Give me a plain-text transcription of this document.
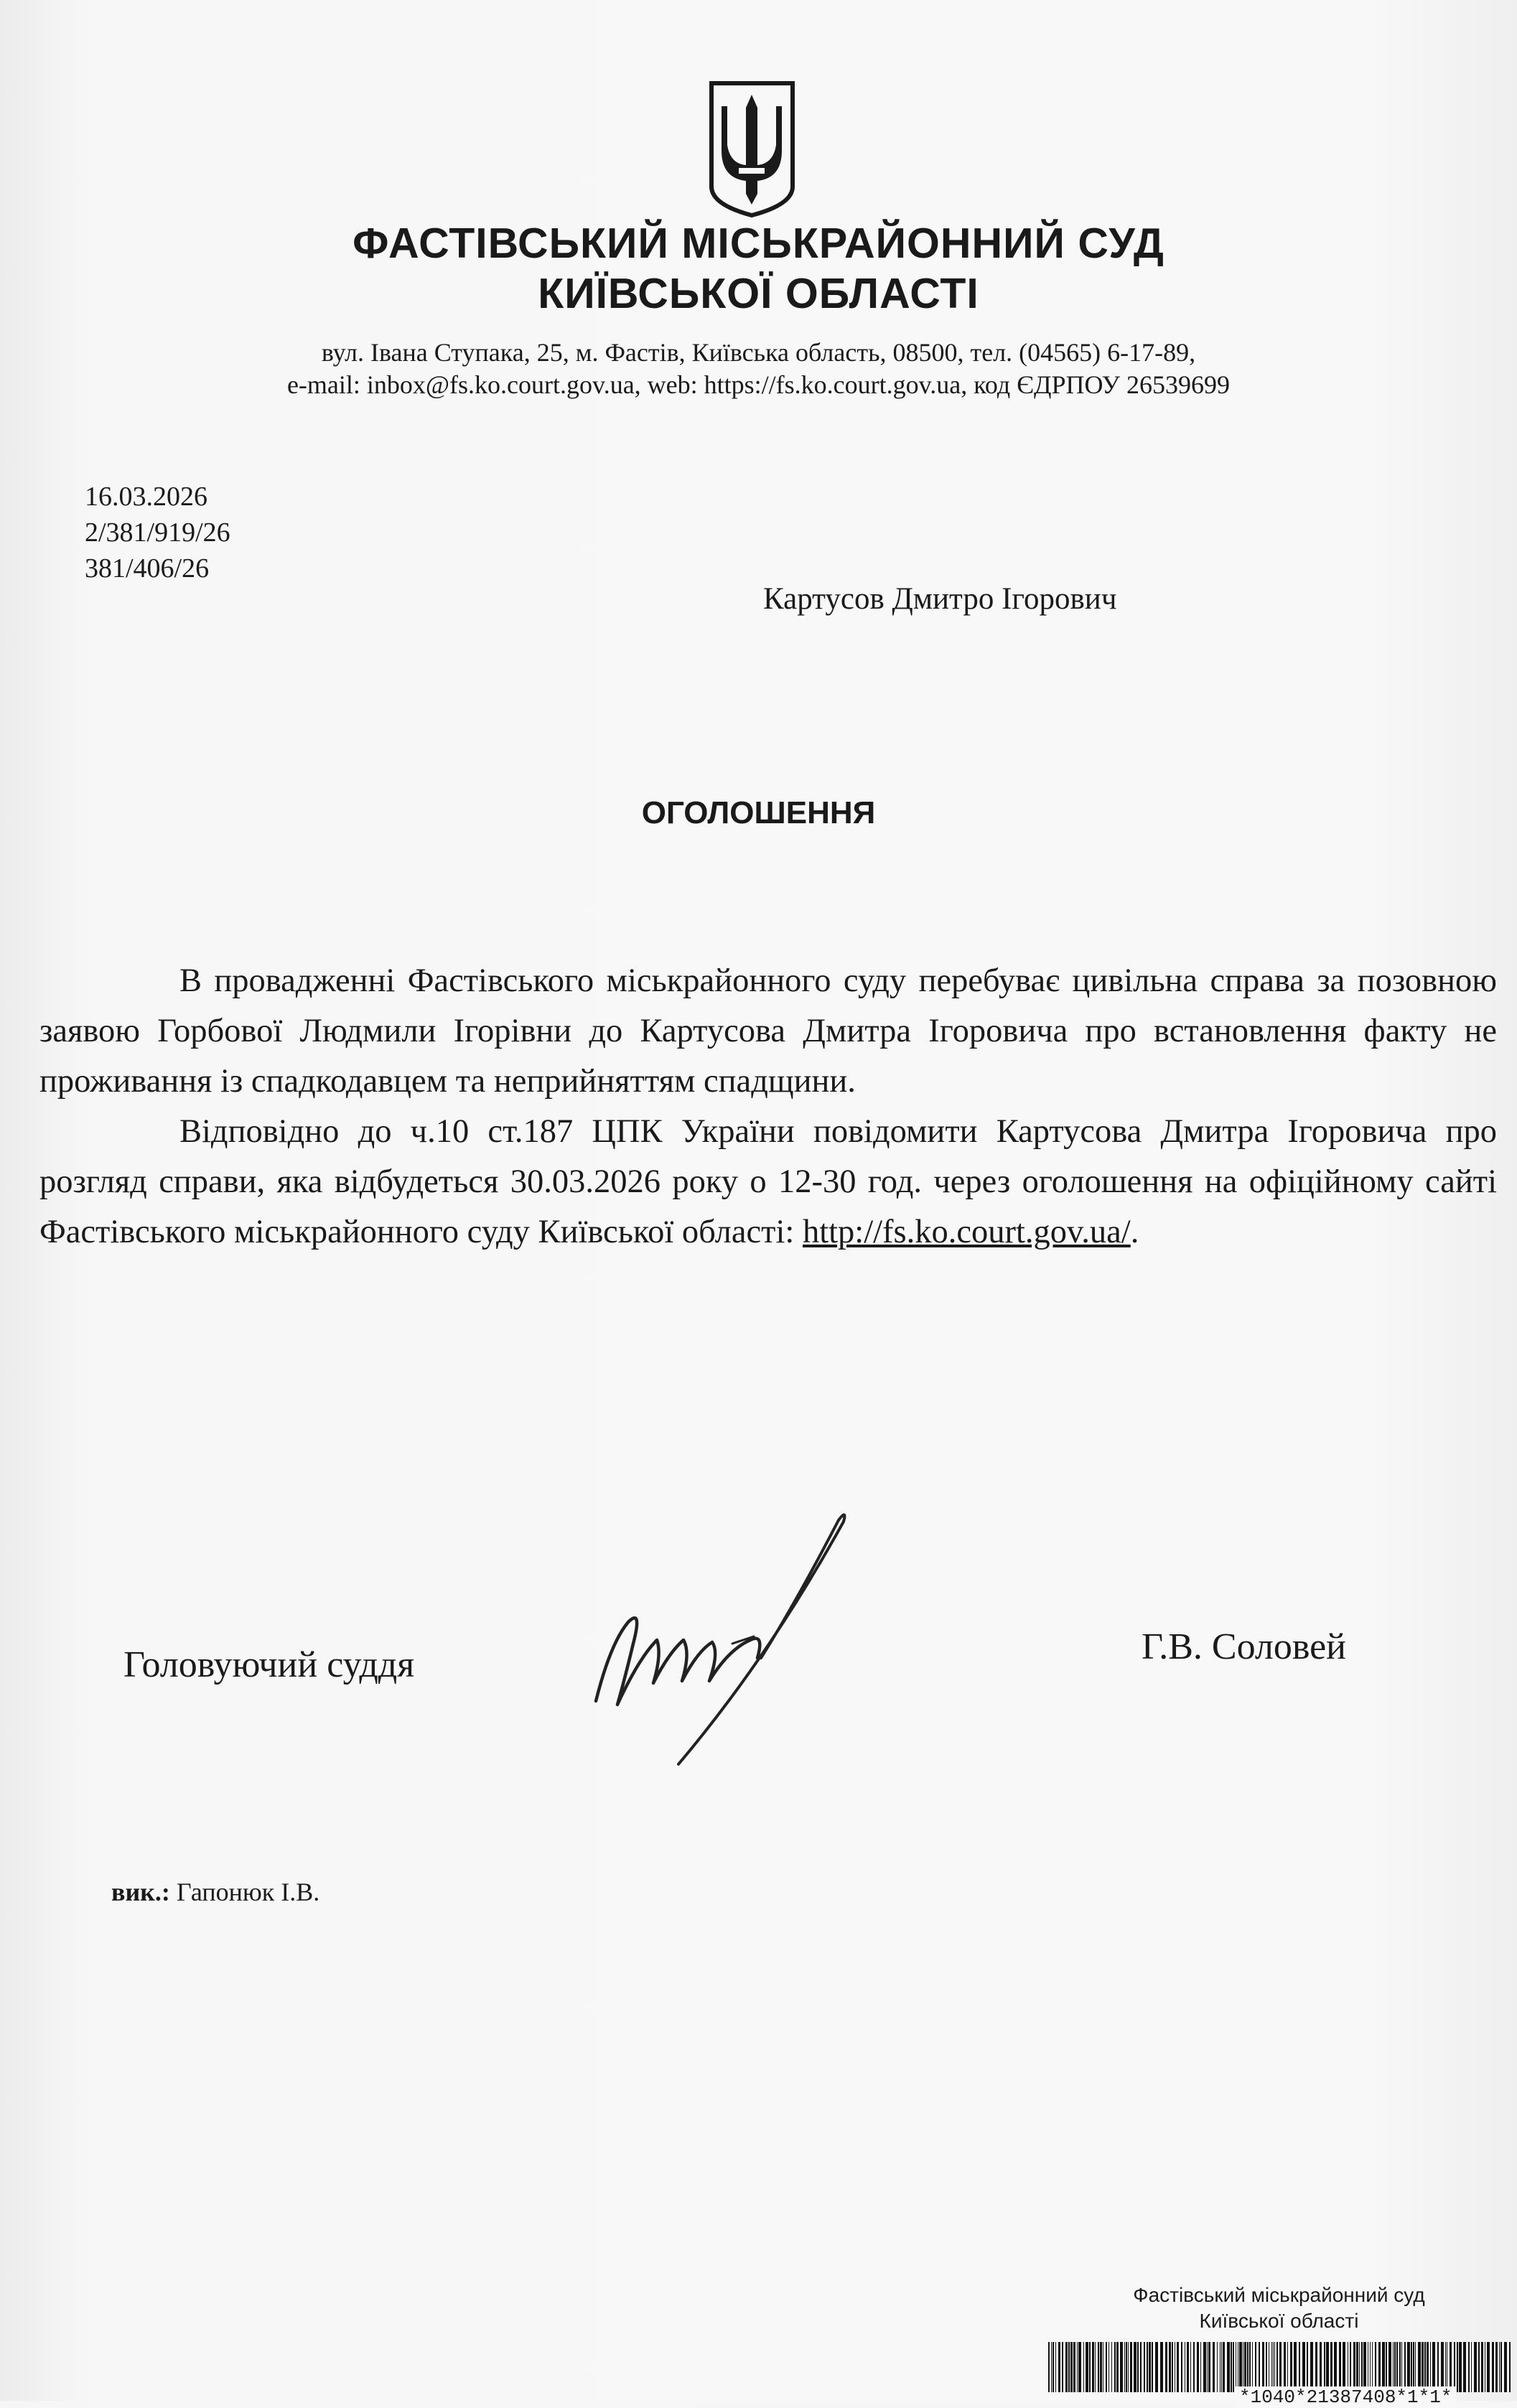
ФАСТІВСЬКИЙ МІСЬКРАЙОННИЙ СУД

КИЇВСЬКОЇ ОБЛАСТІ

вул. Івана Ступака, 25, м. Фастів, Київська область, 08500, тел. (04565) 6-17-89,

e-mail: inbox@fs.ko.court.gov.ua, web: https://fs.ko.court.gov.ua, код ЄДРПОУ 26539699

16.03.2026
2/381/919/26
381/406/26
Картусов Дмитро Ігорович
ОГОЛОШЕННЯ

В провадженні Фастівського міськрайонного суду перебуває цивільна справа за позовною заявою Горбової Людмили Ігорівни до Картусова Дмитра Ігоровича про встановлення факту не проживання із спадкодавцем та неприйняттям спадщини.

Відповідно до ч.10 ст.187 ЦПК України повідомити Картусова Дмитра Ігоровича про розгляд справи, яка відбудеться 30.03.2026 року о 12-30 год. через оголошення на офіційному сайті Фастівського міськрайонного суду Київської області: http://fs.ko.court.gov.ua/.

Головуючий суддя	Г.В. Соловей
вик.: Гапонюк І.В.

Фастівський міськрайонний суд

Київської області

*1040*21387408*1*1*
